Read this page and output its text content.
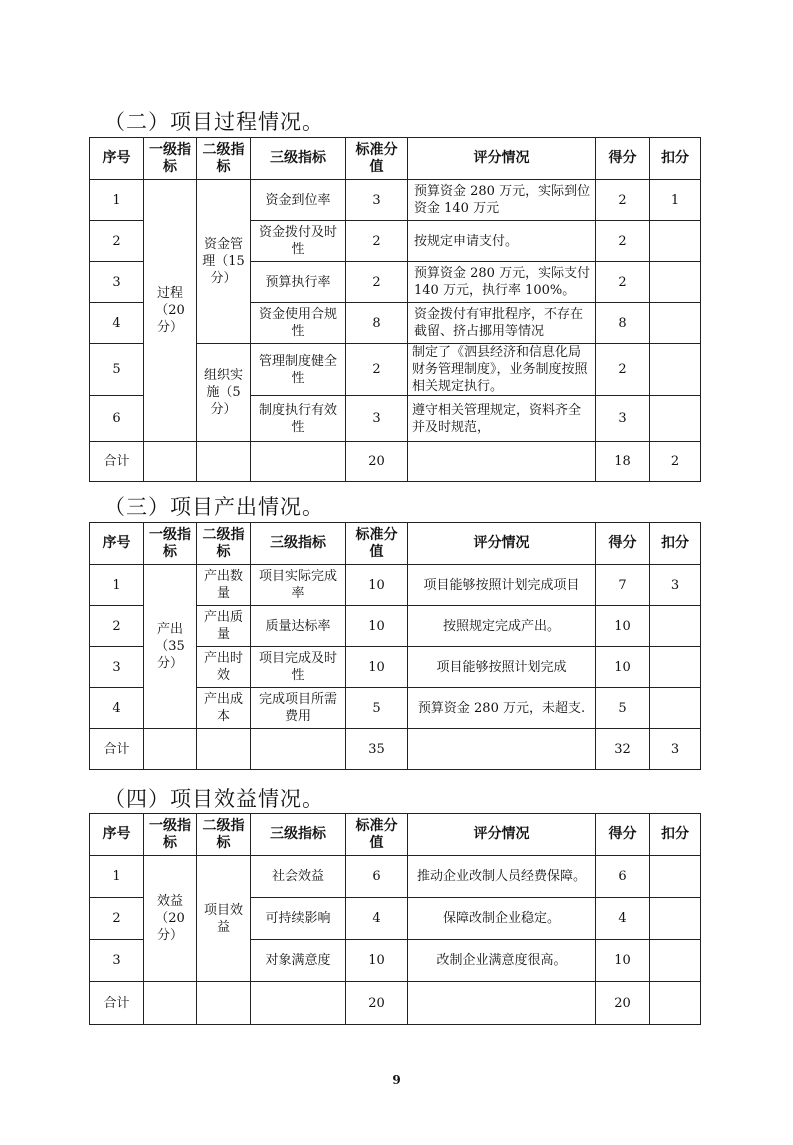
（二）项目过程情况。
序号	一级指标	二级指标	三级指标	标准分值	评分情况	得分	扣分
1	过程（20分）	资金管理（15分）	资金到位率	3	预算资金 280 万元，实际到位资金 140 万元	2	1
2			资金拨付及时性	2	按规定申请支付。	2	
3			预算执行率	2	预算资金 280 万元，实际支付 140 万元，执行率 100%。	2	
4			资金使用合规性	8	资金拨付有审批程序，不存在截留、挤占挪用等情况	8	
5		组织实施（5分）	管理制度健全性	2	制定了《泗县经济和信息化局财务管理制度》，业务制度按照相关规定执行。	2	
6			制度执行有效性	3	遵守相关管理规定，资料齐全并及时规范，	3	
合计				20		18	2
（三）项目产出情况。
序号	一级指标	二级指标	三级指标	标准分值	评分情况	得分	扣分
1	产出（35分）	产出数量	项目实际完成率	10	项目能够按照计划完成项目	7	3
2		产出质量	质量达标率	10	按照规定完成产出。	10	
3		产出时效	项目完成及时性	10	项目能够按照计划完成	10	
4		产出成本	完成项目所需费用	5	预算资金 280 万元，未超支.	5	
合计				35		32	3
（四）项目效益情况。
序号	一级指标	二级指标	三级指标	标准分值	评分情况	得分	扣分
1	效益（20分）	项目效益	社会效益	6	推动企业改制人员经费保障。	6	
2			可持续影响	4	保障改制企业稳定。	4	
3			对象满意度	10	改制企业满意度很高。	10	
合计				20		20	
9
